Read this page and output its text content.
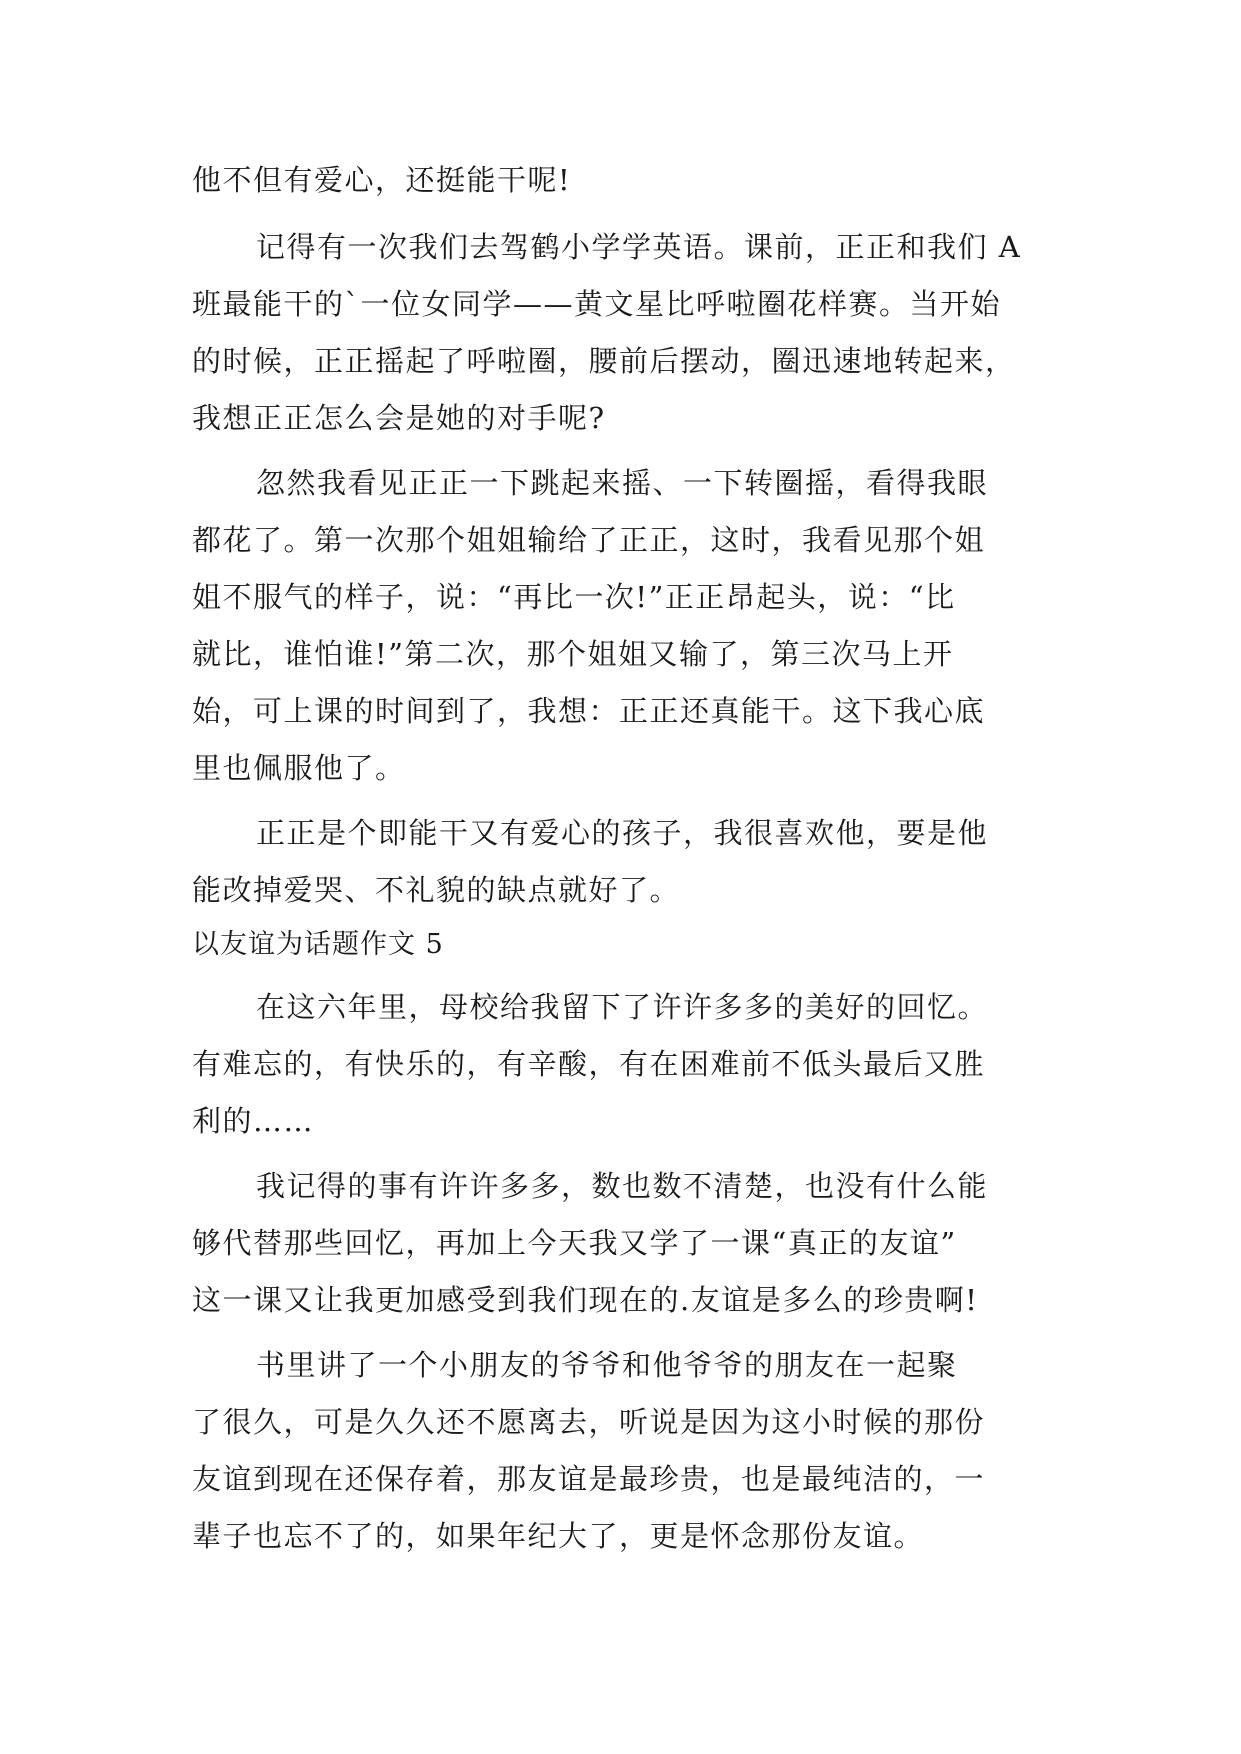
他不但有爱心，还挺能干呢!
记得有一次我们去驾鹤小学学英语。课前，正正和我们 A
班最能干的`一位女同学——黄文星比呼啦圈花样赛。当开始
的时候，正正摇起了呼啦圈，腰前后摆动，圈迅速地转起来，
我想正正怎么会是她的对手呢?
忽然我看见正正一下跳起来摇、一下转圈摇，看得我眼
都花了。第一次那个姐姐输给了正正，这时，我看见那个姐
姐不服气的样子，说：“再比一次!”正正昂起头，说：“比
就比，谁怕谁!”第二次，那个姐姐又输了，第三次马上开
始，可上课的时间到了，我想：正正还真能干。这下我心底
里也佩服他了。
正正是个即能干又有爱心的孩子，我很喜欢他，要是他
能改掉爱哭、不礼貌的缺点就好了。
以友谊为话题作文 5
在这六年里，母校给我留下了许许多多的美好的回忆。
有难忘的，有快乐的，有辛酸，有在困难前不低头最后又胜
利的……
我记得的事有许许多多，数也数不清楚，也没有什么能
够代替那些回忆，再加上今天我又学了一课“真正的友谊”
这一课又让我更加感受到我们现在的.友谊是多么的珍贵啊!
书里讲了一个小朋友的爷爷和他爷爷的朋友在一起聚
了很久，可是久久还不愿离去，听说是因为这小时候的那份
友谊到现在还保存着，那友谊是最珍贵，也是最纯洁的，一
辈子也忘不了的，如果年纪大了，更是怀念那份友谊。
